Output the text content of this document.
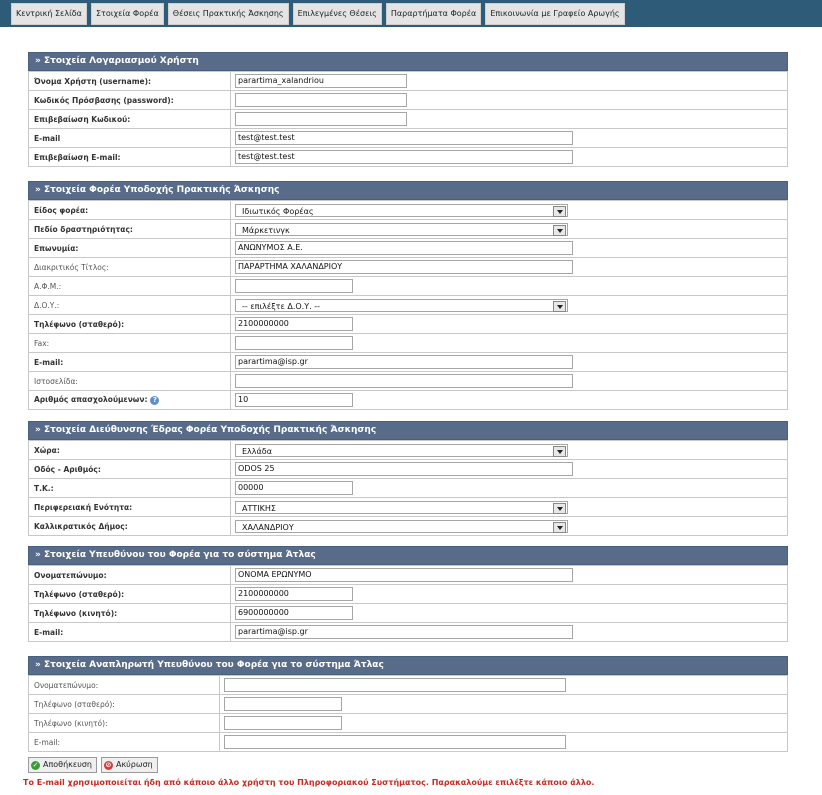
Κεντρική Σελίδα	Στοιχεία Φορέα	Θέσεις Πρακτικής Άσκησης	Επιλεγμένες Θέσεις	Παραρτήματα Φορέα	Επικοινωνία με Γραφείο Αρωγής
» Στοιχεία Λογαριασμού Χρήστη
Όνομα Χρήστη (username):	parartima_xalandriou

Κωδικός Πρόσβασης (password):	

Επιβεβαίωση Κωδικού:	

E-mail	test@test.test

Επιβεβαίωση E-mail:	test@test.test
» Στοιχεία Φορέα Υποδοχής Πρακτικής Άσκησης
Είδος φορέα:	Ιδιωτικός Φορέας

Πεδίο δραστηριότητας:	Μάρκετινγκ

Επωνυμία:	ΑΝΩΝΥΜΟΣ Α.Ε.

Διακριτικός Τίτλος:	ΠΑΡΑΡΤΗΜΑ ΧΑΛΑΝΔΡΙΟΥ

Α.Φ.Μ.:	

Δ.Ο.Υ.:	-- επιλέξτε Δ.Ο.Υ. --

Τηλέφωνο (σταθερό):	2100000000

Fax:	

E-mail:	parartima@isp.gr

Ιστοσελίδα:	

Αριθμός απασχολούμενων: ?	10
» Στοιχεία Διεύθυνσης Έδρας Φορέα Υποδοχής Πρακτικής Άσκησης
Χώρα:	Ελλάδα

Οδός - Αριθμός:	ODOS 25

Τ.Κ.:	00000

Περιφερειακή Ενότητα:	ΑΤΤΙΚΗΣ

Καλλικρατικός Δήμος:	ΧΑΛΑΝΔΡΙΟΥ
» Στοιχεία Υπευθύνου του Φορέα για το σύστημα Άτλας
Ονοματεπώνυμο:	ΟΝΟΜΑ ΕΡΩΝΥΜΟ

Τηλέφωνο (σταθερό):	2100000000

Τηλέφωνο (κινητό):	6900000000

E-mail:	parartima@isp.gr
» Στοιχεία Αναπληρωτή Υπευθύνου του Φορέα για το σύστημα Άτλας
Ονοματεπώνυμο:	

Τηλέφωνο (σταθερό):	

Τηλέφωνο (κινητό):	

E-mail:	
✓ Αποθήκευση ⊘ Ακύρωση
Το E-mail χρησιμοποιείται ήδη από κάποιο άλλο χρήστη του Πληροφοριακού Συστήματος. Παρακαλούμε επιλέξτε κάποιο άλλο.
